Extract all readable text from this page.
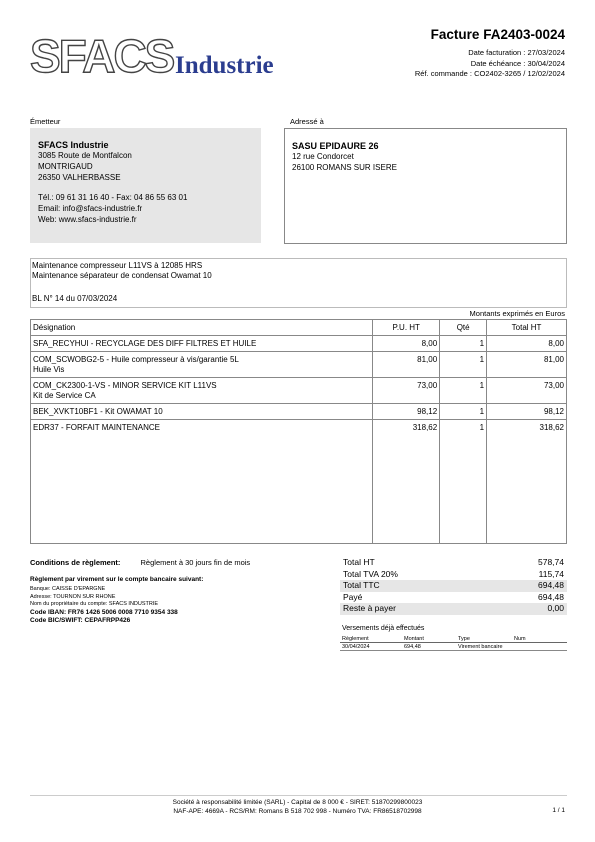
SFACS Industrie
Facture FA2403-0024
Date facturation : 27/03/2024
Date échéance : 30/04/2024
Réf. commande : CO2402-3265 / 12/02/2024
Émetteur
SFACS Industrie
3085 Route de Montfalcon
MONTRIGAUD
26350 VALHERBASSE
Tél.: 09 61 31 16 40 - Fax: 04 86 55 63 01
Email: info@sfacs-industrie.fr
Web: www.sfacs-industrie.fr
Adressé à
SASU EPIDAURE 26
12 rue Condorcet
26100 ROMANS SUR ISERE
Maintenance compresseur L11VS à 12085 HRS
Maintenance séparateur de condensat Owamat 10
BL N° 14 du 07/03/2024
Montants exprimés en Euros
Désignation	P.U. HT	Qté	Total HT
SFA_RECYHUI - RECYCLAGE DES DIFF FILTRES ET HUILE	8,00	1	8,00

COM_SCWOBG2-5 - Huile compresseur à vis/garantie 5L
Huile Vis	81,00	1	81,00

COM_CK2300-1-VS - MINOR SERVICE KIT L11VS
Kit de Service CA	73,00	1	73,00
BEK_XVKT10BF1 - Kit OWAMAT 10	98,12	1	98,12
EDR37 - FORFAIT MAINTENANCE	318,62	1	318,62
Conditions de règlement:	Règlement à 30 jours fin de mois
Règlement par virement sur le compte bancaire suivant:
Banque: CAISSE D'EPARGNE
Adresse: TOURNON SUR RHONE
Nom du propriétaire du compte: SFACS INDUSTRIE
Code IBAN: FR76 1426 5006 0008 7710 9354 338
Code BIC/SWIFT: CEPAFRPP426
Total HT	578,74
Total TVA 20%	115,74
Total TTC	694,48
Payé	694,48
Reste à payer	0,00
Versements déjà effectués
Règlement	Montant	Type	Num
30/04/2024	694,48	Virement bancaire	
Société à responsabilité limitée (SARL) - Capital de 8 000 € - SIRET: 51870299800023
NAF-APE: 4669A - RCS/RM: Romans B 518 702 998 - Numéro TVA: FR86518702998	1 / 1
